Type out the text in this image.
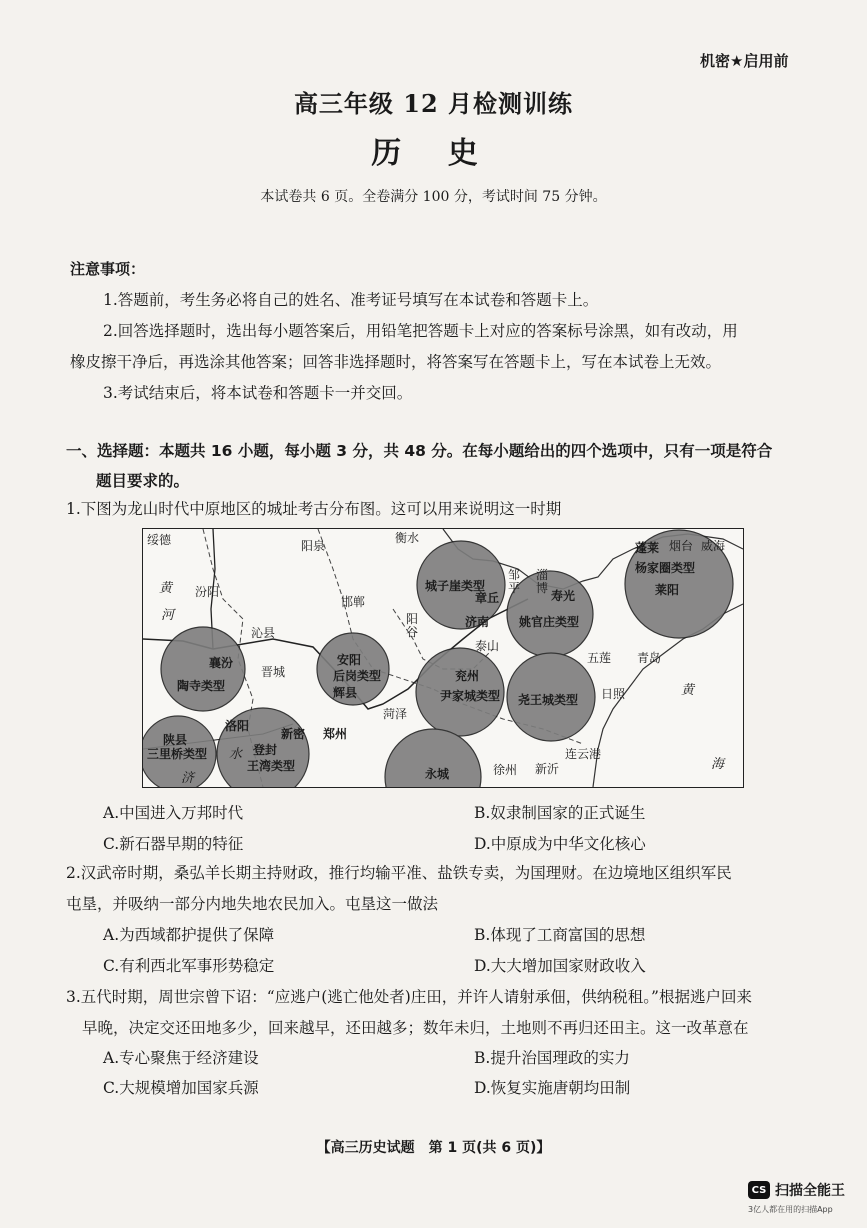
机密★启用前
高三年级 12 月检测训练
历 史
本试卷共 6 页。全卷满分 100 分，考试时间 75 分钟。
注意事项：
1.答题前，考生务必将自己的姓名、准考证号填写在本试卷和答题卡上。
2.回答选择题时，选出每小题答案后，用铅笔把答题卡上对应的答案标号涂黑，如有改动，用
橡皮擦干净后，再选涂其他答案；回答非选择题时，将答案写在答题卡上，写在本试卷上无效。
3.考试结束后，将本试卷和答题卡一并交回。
一、选择题：本题共 16 小题，每小题 3 分，共 48 分。在每小题给出的四个选项中，只有一项是符合
题目要求的。
1.下图为龙山时代中原地区的城址考古分布图。这可以用来说明这一时期
绥德	阳泉
衡水
汾阳
沁县
邯郸
晋城
阳谷
泰山
济南
章丘
邹平
淄博
寿光
蓬莱 烟台 威海
莱阳
青岛
五莲
日照
连云港
新沂
徐州
永城
菏泽
郑州
新密
登封
洛阳
陕县
襄汾
辉县
安阳
兖州
城子崖类型
姚官庄类型
杨家圈类型
尹家城类型 尧王城类型
后岗类型
陶寺类型
王湾类型
三里桥类型
河
黄
海
黄
水
济
A.中国进入万邦时代	B.奴隶制国家的正式诞生
C.新石器早期的特征	D.中原成为中华文化核心
2.汉武帝时期，桑弘羊长期主持财政，推行均输平准、盐铁专卖，为国理财。在边境地区组织军民
屯垦，并吸纳一部分内地失地农民加入。屯垦这一做法
A.为西域都护提供了保障	B.体现了工商富国的思想
C.有利西北军事形势稳定	D.大大增加国家财政收入
3.五代时期，周世宗曾下诏：“应逃户(逃亡他处者)庄田，并许人请射承佃，供纳税租。”根据逃户回来
早晚，决定交还田地多少，回来越早，还田越多；数年未归，土地则不再归还田主。这一改革意在
A.专心聚焦于经济建设	B.提升治国理政的实力
C.大规模增加国家兵源	D.恢复实施唐朝均田制
【高三历史试题　第 1 页(共 6 页)】
CS 扫描全能王
3亿人都在用的扫描App
